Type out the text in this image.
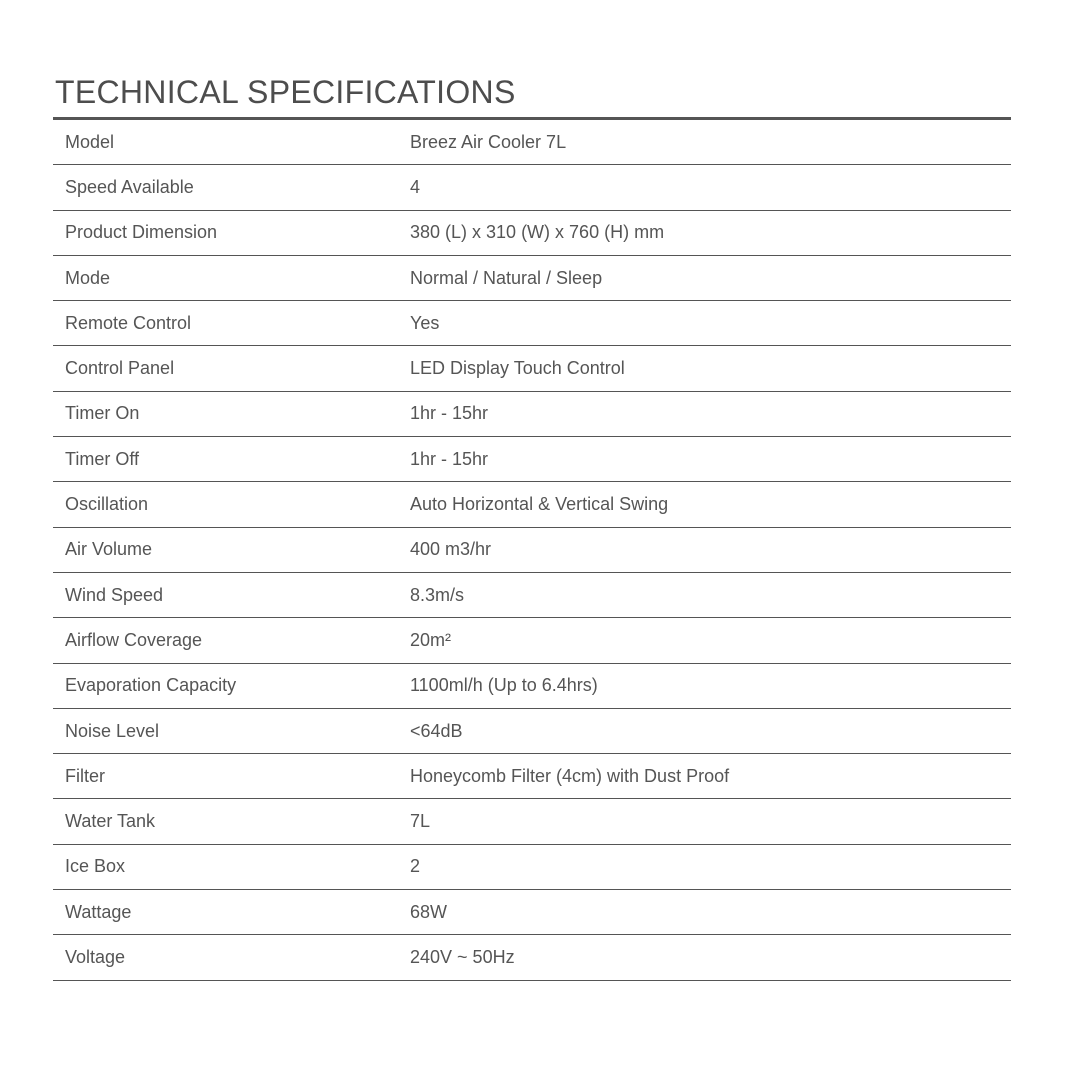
TECHNICAL SPECIFICATIONS
Model	Breez Air Cooler 7L
Speed Available	4
Product Dimension	380 (L) x 310 (W) x 760 (H) mm
Mode	Normal / Natural / Sleep
Remote Control	Yes
Control Panel	LED Display Touch Control
Timer On	1hr - 15hr
Timer Off	1hr - 15hr
Oscillation	Auto Horizontal & Vertical Swing
Air Volume	400 m3/hr
Wind Speed	8.3m/s
Airflow Coverage	20m²
Evaporation Capacity	1100ml/h (Up to 6.4hrs)
Noise Level	<64dB
Filter	Honeycomb Filter (4cm) with Dust Proof
Water Tank	7L
Ice Box	2
Wattage	68W
Voltage	240V ~ 50Hz
